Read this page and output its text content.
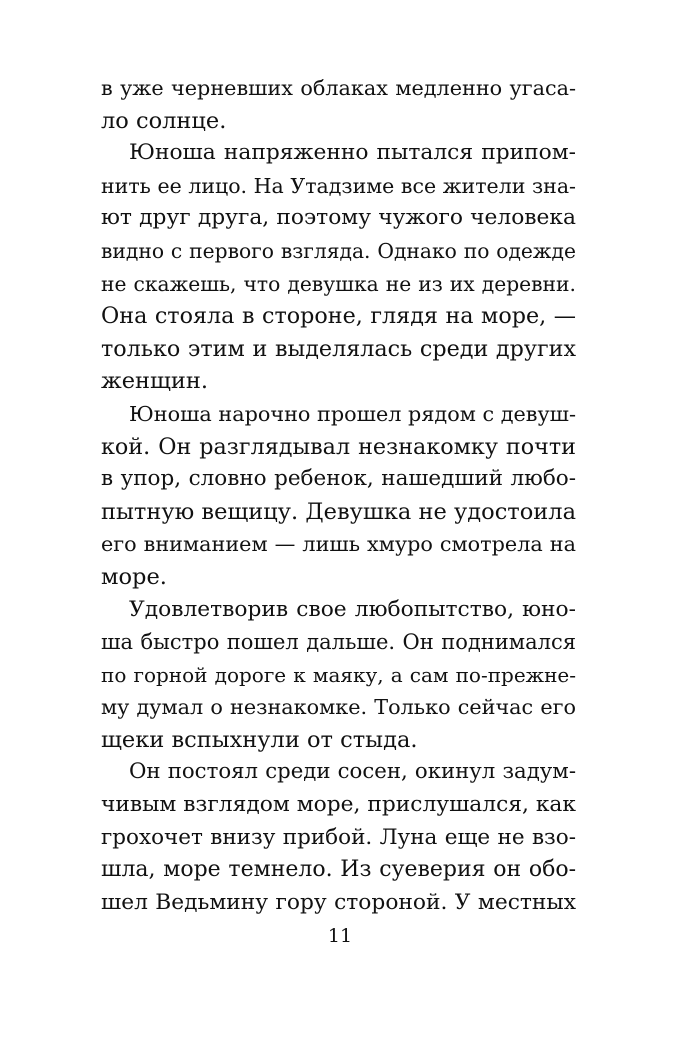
в уже черневших облаках медленно угаса-
ло солнце.
Юноша напряженно пытался припом-
нить ее лицо. На Утадзиме все жители зна-
ют друг друга, поэтому чужого человека
видно с первого взгляда. Однако по одежде
не скажешь, что девушка не из их деревни.
Она стояла в стороне, глядя на море, —
только этим и выделялась среди других
женщин.
Юноша нарочно прошел рядом с девуш-
кой. Он разглядывал незнакомку почти
в упор, словно ребенок, нашедший любо-
пытную вещицу. Девушка не удостоила
его вниманием — лишь хмуро смотрела на
море.
Удовлетворив свое любопытство, юно-
ша быстро пошел дальше. Он поднимался
по горной дороге к маяку, а сам по-прежне-
му думал о незнакомке. Только сейчас его
щеки вспыхнули от стыда.
Он постоял среди сосен, окинул задум-
чивым взглядом море, прислушался, как
грохочет внизу прибой. Луна еще не взо-
шла, море темнело. Из суеверия он обо-
шел Ведьмину гору стороной. У местных
11
